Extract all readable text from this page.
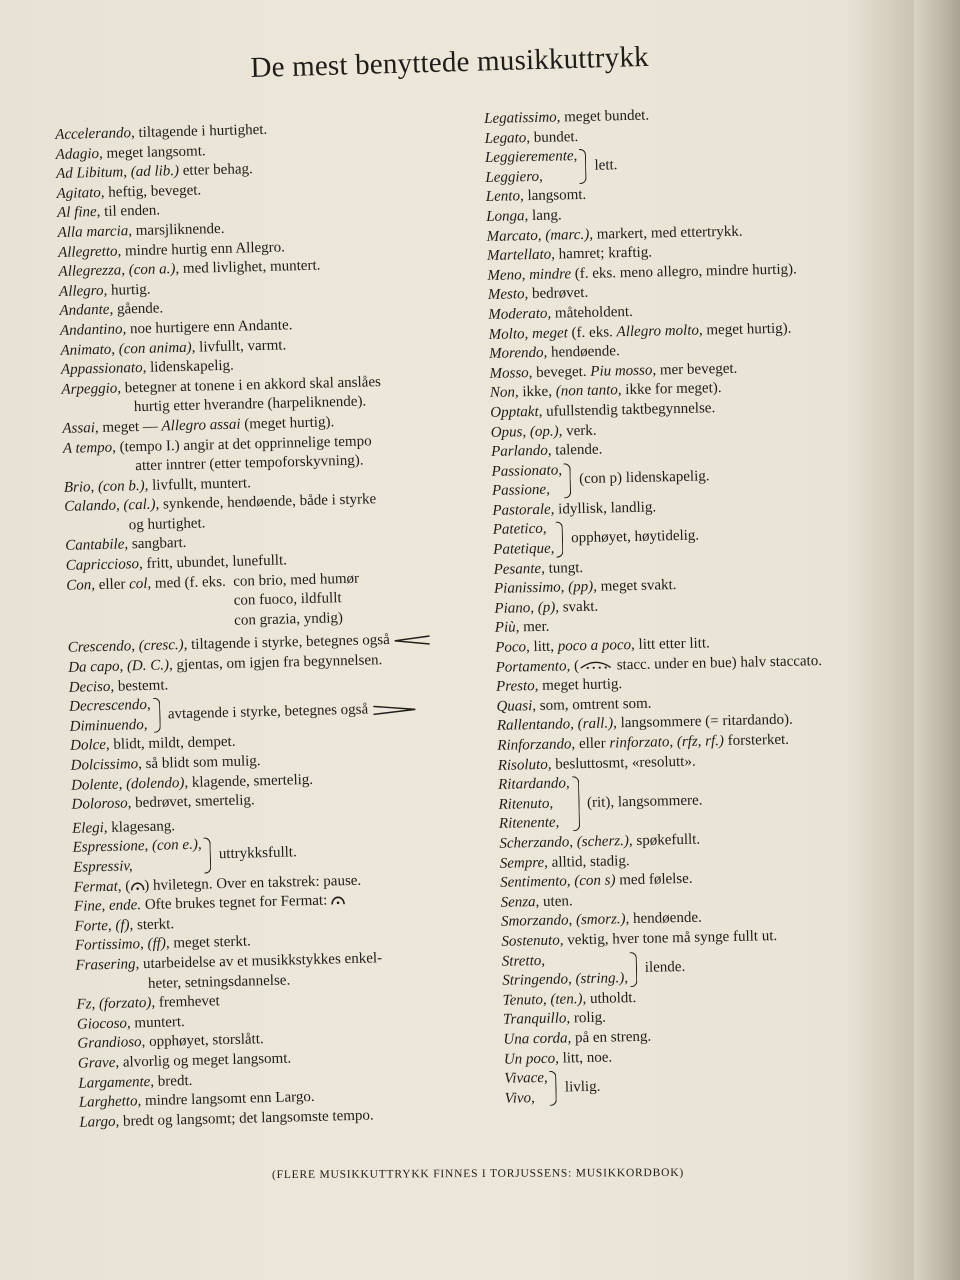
De mest benyttede musikkuttrykk
Accelerando, tiltagende i hurtighet.
Adagio, meget langsomt.
Ad Libitum, (ad lib.) etter behag.
Agitato, heftig, beveget.
Al fine, til enden.
Alla marcia, marsjliknende.
Allegretto, mindre hurtig enn Allegro.
Allegrezza, (con a.), med livlighet, muntert.
Allegro, hurtig.
Andante, gående.
Andantino, noe hurtigere enn Andante.
Animato, (con anima), livfullt, varmt.
Appassionato, lidenskapelig.
Arpeggio, betegner at tonene i en akkord skal anslåes
hurtig etter hverandre (harpeliknende).
Assai, meget — Allegro assai (meget hurtig).
A tempo, (tempo I.) angir at det opprinnelige tempo
atter inntrer (etter tempoforskyvning).
Brio, (con b.), livfullt, muntert.
Calando, (cal.), synkende, hendøende, både i styrke
og hurtighet.
Cantabile, sangbart.
Capriccioso, fritt, ubundet, lunefullt.
Con, eller col, med (f. eks. con brio, med humør
con fuoco, ildfullt
con grazia, yndig)
Crescendo, (cresc.), tiltagende i styrke, betegnes også
Da capo, (D. C.), gjentas, om igjen fra begynnelsen.
Deciso, bestemt.
Decrescendo,
Diminuendo,
avtagende i styrke, betegnes også
Dolce, blidt, mildt, dempet.
Dolcissimo, så blidt som mulig.
Dolente, (dolendo), klagende, smertelig.
Doloroso, bedrøvet, smertelig.
Elegi, klagesang.
Espressione, (con e.),
Espressiv,
uttrykksfullt.
Fermat, ( ) hviletegn. Over en takstrek: pause.
Fine, ende. Ofte brukes tegnet for Fermat:
Forte, (f), sterkt.
Fortissimo, (ff), meget sterkt.
Frasering, utarbeidelse av et musikkstykkes enkel-
heter, setningsdannelse.
Fz, (forzato), fremhevet
Giocoso, muntert.
Grandioso, opphøyet, storslått.
Grave, alvorlig og meget langsomt.
Largamente, bredt.
Larghetto, mindre langsomt enn Largo.
Largo, bredt og langsomt; det langsomste tempo.
Legatissimo, meget bundet.
Legato, bundet.
Leggieremente,
Leggiero,
lett.
Lento, langsomt.
Longa, lang.
Marcato, (marc.), markert, med ettertrykk.
Martellato, hamret; kraftig.
Meno, mindre (f. eks. meno allegro, mindre hurtig).
Mesto, bedrøvet.
Moderato, måteholdent.
Molto, meget (f. eks. Allegro molto, meget hurtig).
Morendo, hendøende.
Mosso, beveget. Piu mosso, mer beveget.
Non, ikke, (non tanto, ikke for meget).
Opptakt, ufullstendig taktbegynnelse.
Opus, (op.), verk.
Parlando, talende.
Passionato,
Passione,
(con p) lidenskapelig.
Pastorale, idyllisk, landlig.
Patetico,
Patetique,
opphøyet, høytidelig.
Pesante, tungt.
Pianissimo, (pp), meget svakt.
Piano, (p), svakt.
Più, mer.
Poco, litt, poco a poco, litt etter litt.
Portamento, ( stacc. under en bue) halv staccato.
Presto, meget hurtig.
Quasi, som, omtrent som.
Rallentando, (rall.), langsommere (= ritardando).
Rinforzando, eller rinforzato, (rfz, rf.) forsterket.
Risoluto, besluttosmt, «resolutt».
Ritardando,
Ritenuto,
Ritenente,
(rit), langsommere.
Scherzando, (scherz.), spøkefullt.
Sempre, alltid, stadig.
Sentimento, (con s) med følelse.
Senza, uten.
Smorzando, (smorz.), hendøende.
Sostenuto, vektig, hver tone må synge fullt ut.
Stretto,
Stringendo, (string.),
ilende.
Tenuto, (ten.), utholdt.
Tranquillo, rolig.
Una corda, på en streng.
Un poco, litt, noe.
Vivace,
Vivo,
livlig.
(FLERE MUSIKKUTTRYKK FINNES I TORJUSSENS: MUSIKKORDBOK)
